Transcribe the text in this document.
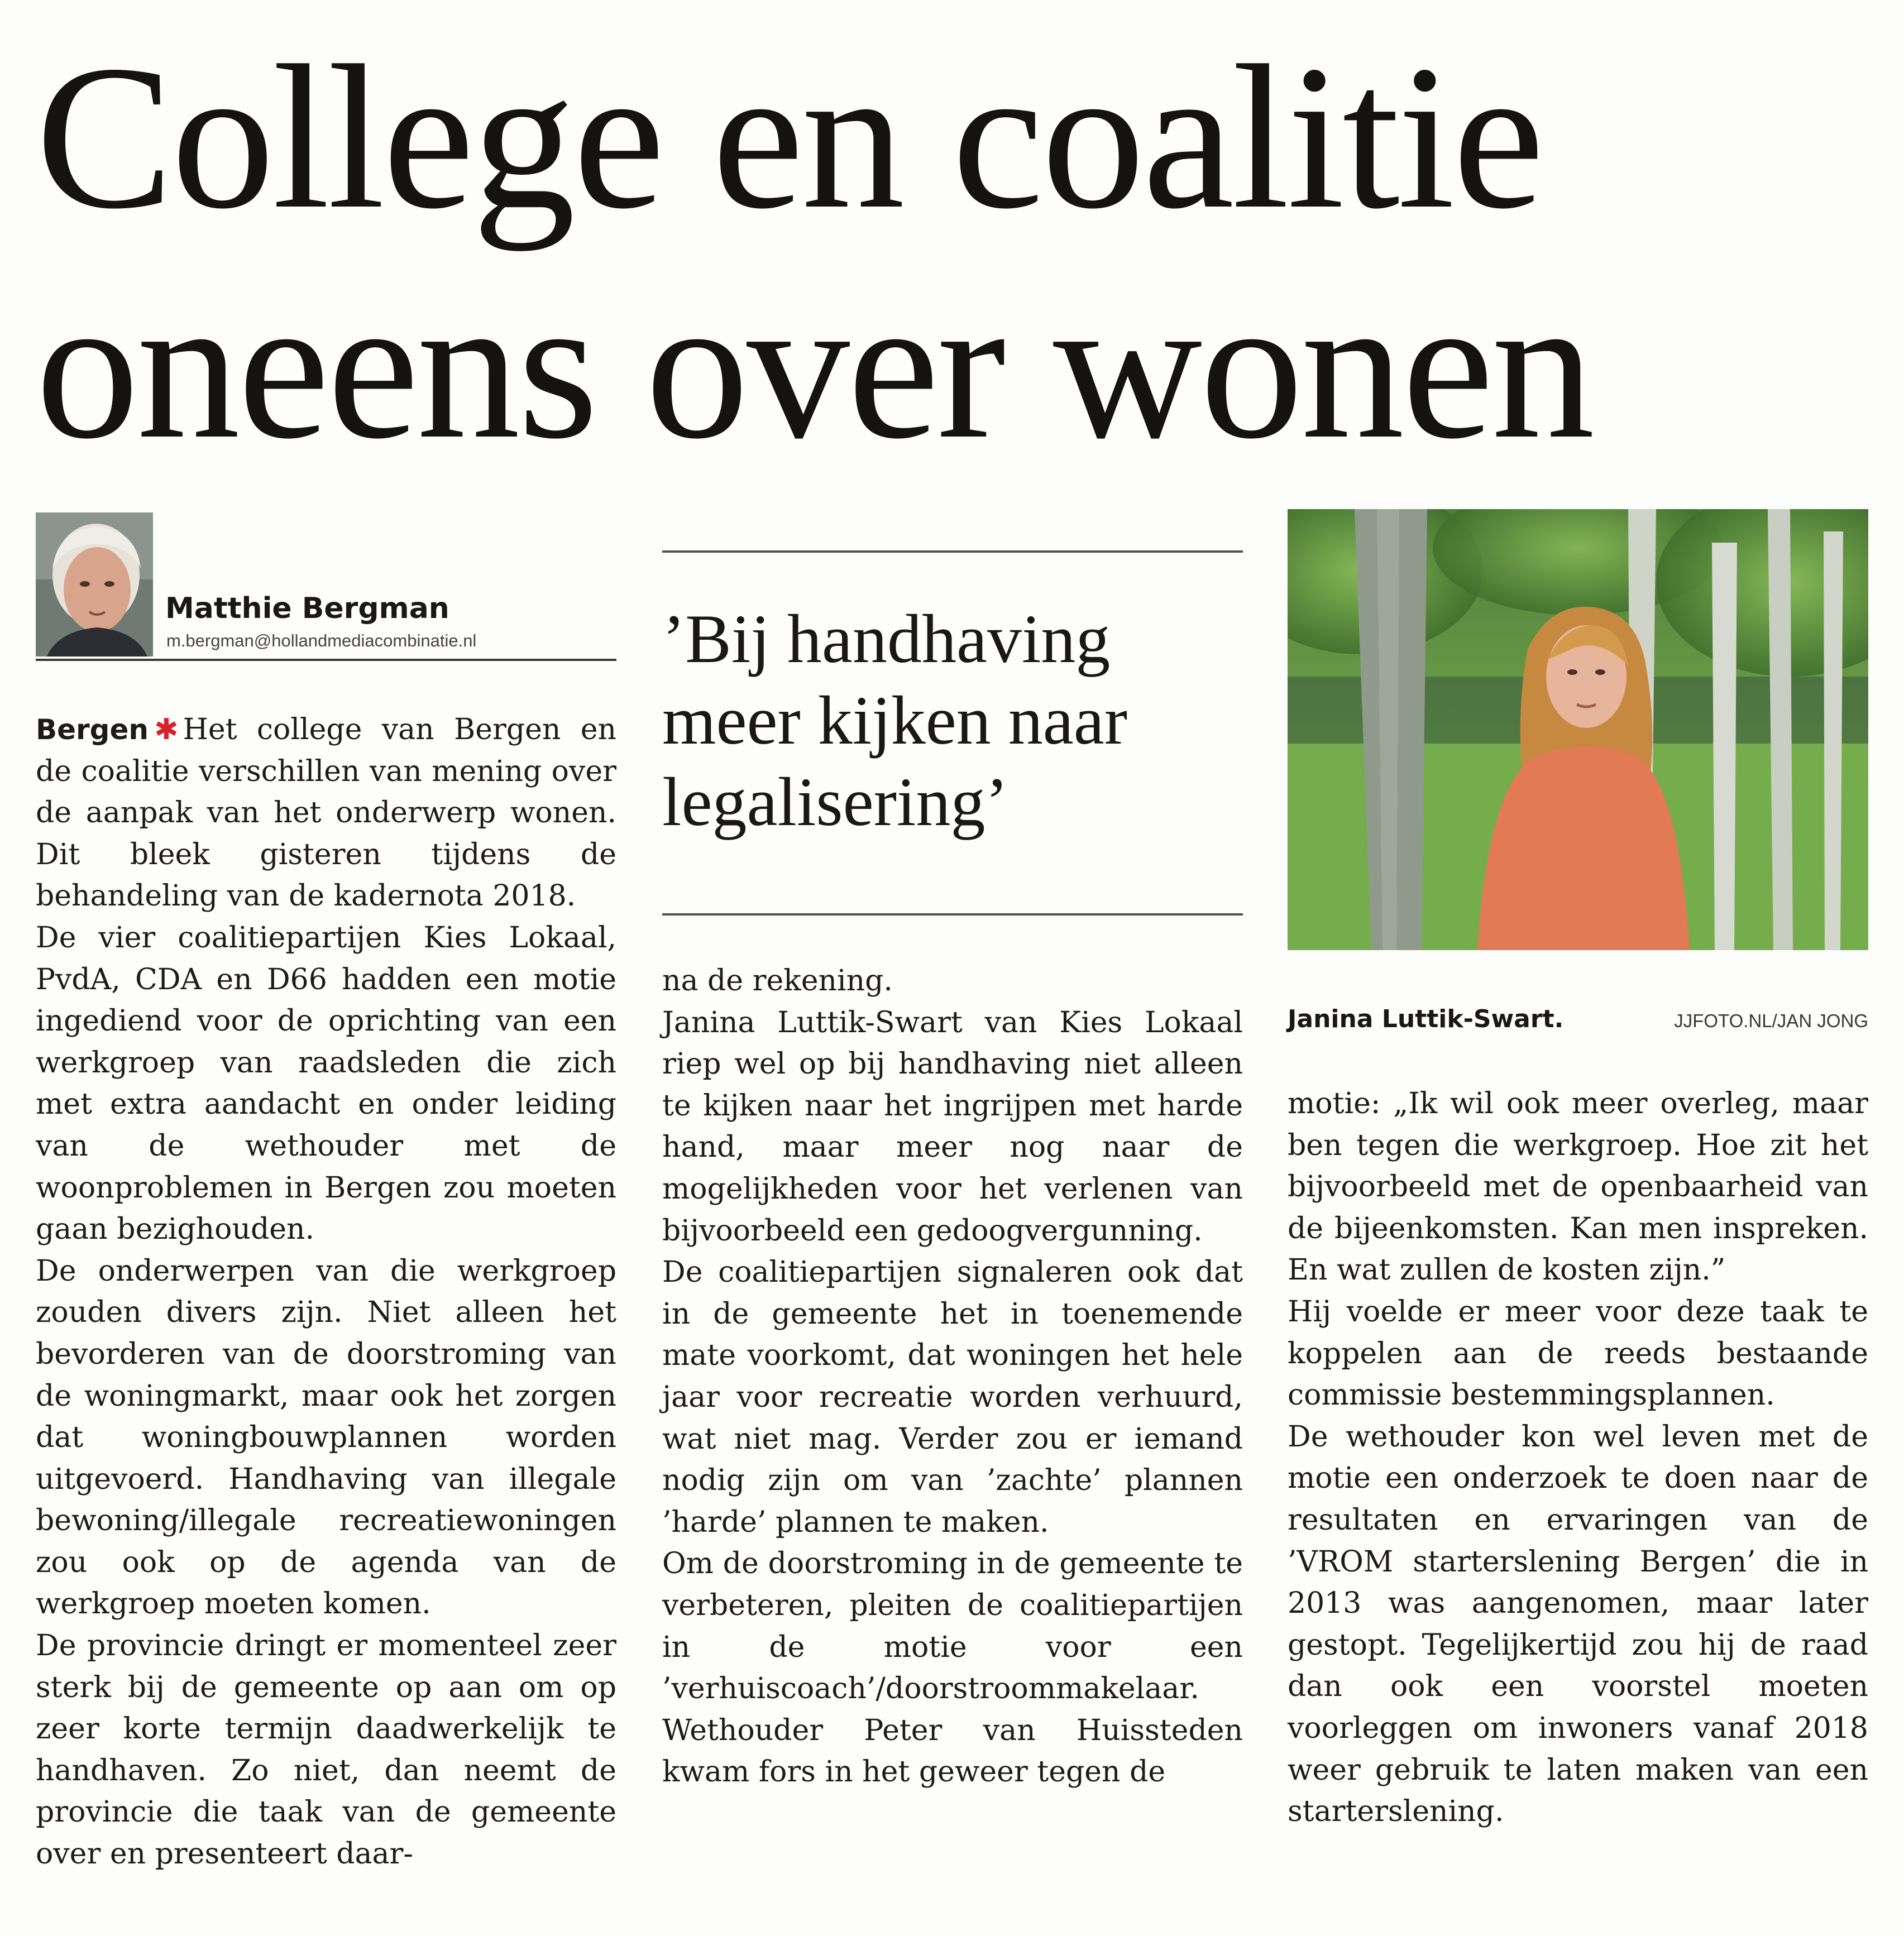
College en coalitie
oneens over wonen
Matthie Bergman
m.bergman@hollandmediacombinatie.nl

Bergen ✱ Het college van Bergen en de coalitie verschillen van mening over de aanpak van het onderwerp wonen. Dit bleek gisteren tijdens de behandeling van de kadernota 2018.

De vier coalitiepartijen Kies Lokaal, PvdA, CDA en D66 hadden een motie ingediend voor de oprichting van een werkgroep van raadsleden die zich met extra aandacht en onder leiding van de wethouder met de woonproblemen in Bergen zou moeten gaan bezighouden.

De onderwerpen van die werkgroep zouden divers zijn. Niet alleen het bevorderen van de doorstroming van de woningmarkt, maar ook het zorgen dat woningbouwplannen worden uitgevoerd. Handhaving van illegale bewoning/illegale recreatiewoningen zou ook op de agenda van de werkgroep moeten komen.

De provincie dringt er momenteel zeer sterk bij de gemeente op aan om op zeer korte termijn daadwerkelijk te handhaven. Zo niet, dan neemt de provincie die taak van de gemeente over en presenteert daar-

’Bij handhaving meer kijken naar legalisering’

na de rekening.

Janina Luttik-Swart van Kies Lokaal riep wel op bij handhaving niet alleen te kijken naar het ingrijpen met harde hand, maar meer nog naar de mogelijkheden voor het verlenen van bijvoorbeeld een gedoogvergunning.

De coalitiepartijen signaleren ook dat in de gemeente het in toenemende mate voorkomt, dat woningen het hele jaar voor recreatie worden verhuurd, wat niet mag. Verder zou er iemand nodig zijn om van ’zachte’ plannen ’harde’ plannen te maken.

Om de doorstroming in de gemeente te verbeteren, pleiten de coalitiepartijen in de motie voor een ’verhuiscoach’/doorstroommakelaar.

Wethouder Peter van Huissteden kwam fors in het geweer tegen de

Janina Luttik-Swart.	JJFOTO.NL/JAN JONG

motie: „Ik wil ook meer overleg, maar ben tegen die werkgroep. Hoe zit het bijvoorbeeld met de openbaarheid van de bijeenkomsten. Kan men inspreken. En wat zullen de kosten zijn.”

Hij voelde er meer voor deze taak te koppelen aan de reeds bestaande commissie bestemmingsplannen.

De wethouder kon wel leven met de motie een onderzoek te doen naar de resultaten en ervaringen van de ’VROM starterslening Bergen’ die in 2013 was aangenomen, maar later gestopt. Tegelijkertijd zou hij de raad dan ook een voorstel moeten voorleggen om inwoners vanaf 2018 weer gebruik te laten maken van een starterslening.
